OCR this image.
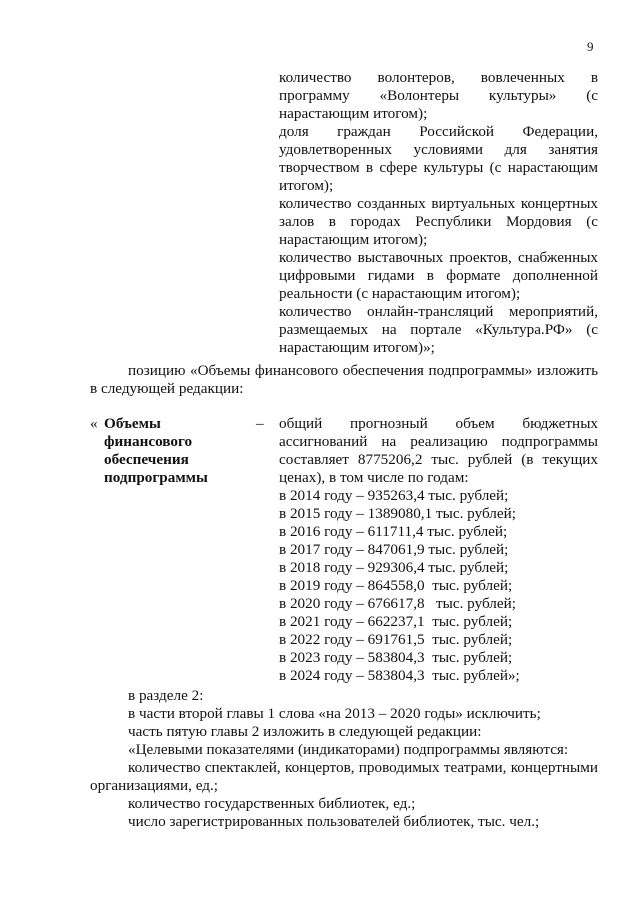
9

количество волонтеров, вовлеченных в программу «Волонтеры культуры» (с нарастающим итогом);

доля граждан Российской Федерации, удовлетворенных условиями для занятия творчеством в сфере культуры (с нарастающим итогом);

количество созданных виртуальных концертных залов в городах Республики Мордовия (с нарастающим итогом);

количество выставочных проектов, снабженных цифровыми гидами в формате дополненной реальности (с нарастающим итогом);

количество онлайн-трансляций мероприятий, размещаемых на портале «Культура.РФ» (с нарастающим итогом)»;

позицию «Объемы финансового обеспечения подпрограммы» изложить в следующей редакции:

« Объемы
финансового
обеспечения
подпрограммы
– общий прогнозный объем бюджетных ассигнований на реализацию подпрограммы составляет 8775206,2 тыс. рублей (в текущих ценах), в том числе по годам:

в 2014 году – 935263,4 тыс. рублей;
в 2015 году – 1389080,1 тыс. рублей;
в 2016 году – 611711,4 тыс. рублей;
в 2017 году – 847061,9 тыс. рублей;
в 2018 году – 929306,4 тыс. рублей;
в 2019 году – 864558,0  тыс. рублей;
в 2020 году – 676617,8   тыс. рублей;
в 2021 году – 662237,1  тыс. рублей;
в 2022 году – 691761,5  тыс. рублей;
в 2023 году – 583804,3  тыс. рублей;
в 2024 году – 583804,3  тыс. рублей»;

в разделе 2:

в части второй главы 1 слова «на 2013 – 2020 годы» исключить;

часть пятую главы 2 изложить в следующей редакции:

«Целевыми показателями (индикаторами) подпрограммы являются:

количество спектаклей, концертов, проводимых театрами, концертными организациями, ед.;

количество государственных библиотек, ед.;

число зарегистрированных пользователей библиотек, тыс. чел.;
